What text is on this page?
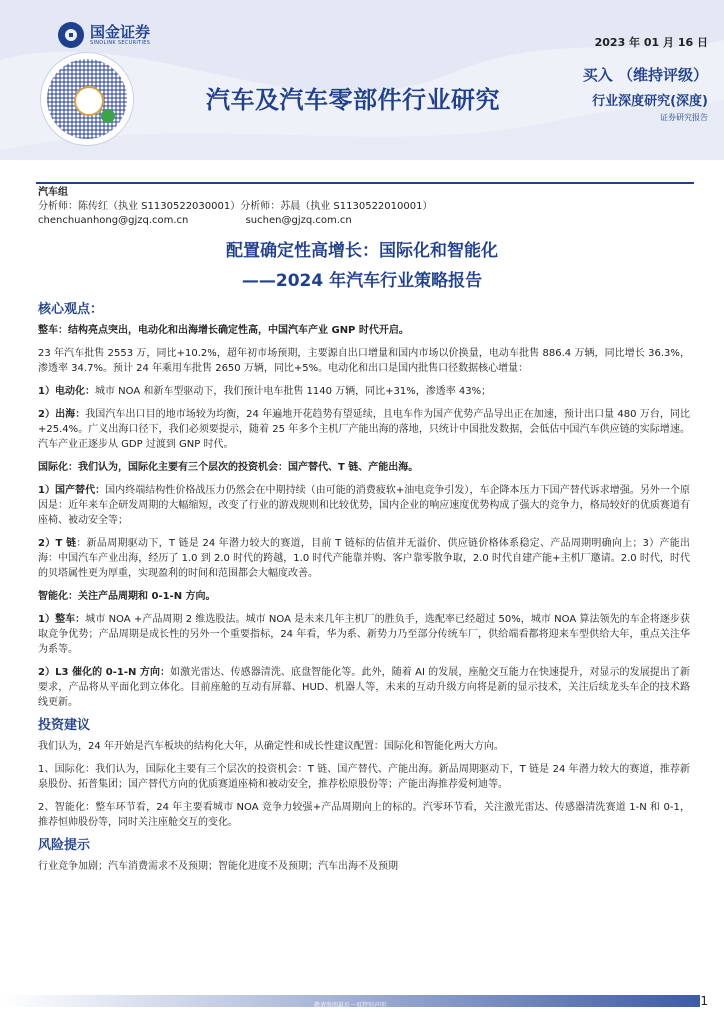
国金证券
SINOLINK SECURITIES	2023 年 01 月 16 日
汽车及汽车零部件行业研究
买入 （维持评级）
行业深度研究(深度)
证券研究报告
汽车组
分析师：陈传红（执业 S1130522030001）分析师：苏晨（执业 S1130522010001）
chenchuanhong@gjzq.com.cn                  suchen@gjzq.com.cn
配置确定性高增长：国际化和智能化
——2024 年汽车行业策略报告
核心观点：

整车：结构亮点突出，电动化和出海增长确定性高，中国汽车产业 GNP 时代开启。

23 年汽车批售 2553 万，同比+10.2%，超年初市场预期，主要源自出口增量和国内市场以价换量，电动车批售 886.4 万辆，同比增长 36.3%，渗透率 34.7%。预计 24 年乘用车批售 2650 万辆，同比+5%。电动化和出口是国内批售口径数据核心增量：

1）电动化：城市 NOA 和新车型驱动下，我们预计电车批售 1140 万辆，同比+31%，渗透率 43%；

2）出海：我国汽车出口目的地市场较为均衡，24 年遍地开花趋势有望延续，且电车作为国产优势产品导出正在加速，预计出口量 480 万台，同比+25.4%。广义出海口径下，我们必须要提示，随着 25 年多个主机厂产能出海的落地，只统计中国批发数据，会低估中国汽车供应链的实际增速。汽车产业正逐步从 GDP 过渡到 GNP 时代。

国际化：我们认为，国际化主要有三个层次的投资机会：国产替代、T 链、产能出海。

1）国产替代：国内终端结构性价格战压力仍然会在中期持续（由可能的消费疲软+油电竞争引发），车企降本压力下国产替代诉求增强。另外一个原因是：近年来车企研发周期的大幅缩短，改变了行业的游戏规则和比较优势，国内企业的响应速度优势构成了强大的竞争力，格局较好的优质赛道有座椅、被动安全等；

2）T 链：新品周期驱动下，T 链是 24 年潜力较大的赛道，目前 T 链标的估值并无溢价、供应链价格体系稳定、产品周期明确向上；3）产能出海：中国汽车产业出海，经历了 1.0 到 2.0 时代的跨越，1.0 时代产能靠并购、客户靠零散争取，2.0 时代自建产能+主机厂邀请。2.0 时代，时代的贝塔属性更为厚重，实现盈利的时间和范围都会大幅度改善。

智能化：关注产品周期和 0-1-N 方向。

1）整车：城市 NOA +产品周期 2 维选股法。城市 NOA 是未来几年主机厂的胜负手，选配率已经超过 50%，城市 NOA 算法领先的车企将逐步获取竞争优势；产品周期是成长性的另外一个重要指标，24 年看，华为系、新势力乃至部分传统车厂，供给端看都将迎来车型供给大年，重点关注华为系等。

2）L3 催化的 0-1-N 方向：如激光雷达、传感器清洗、底盘智能化等。此外，随着 AI 的发展，座舱交互能力在快速提升，对显示的发展提出了新要求，产品将从平面化到立体化。目前座舱的互动有屏幕、HUD、机器人等，未来的互动升级方向将是新的显示技术，关注后续龙头车企的技术路线更新。

投资建议

我们认为，24 年开始是汽车板块的结构化大年，从确定性和成长性建议配置：国际化和智能化两大方向。

1、国际化：我们认为，国际化主要有三个层次的投资机会：T 链、国产替代、产能出海。新品周期驱动下，T 链是 24 年潜力较大的赛道，推荐新泉股份、拓普集团；国产替代方向的优质赛道座椅和被动安全，推荐松原股份等；产能出海推荐爱柯迪等。

2、智能化：整车环节看，24 年主要看城市 NOA 竞争力较强+产品周期向上的标的。汽零环节看，关注激光雷达、传感器清洗赛道 1-N 和 0-1，推荐恒帅股份等，同时关注座舱交互的变化。

风险提示

行业竞争加剧；汽车消费需求不及预期；智能化进度不及预期；汽车出海不及预期

敬请参阅最后一页特别声明	1
